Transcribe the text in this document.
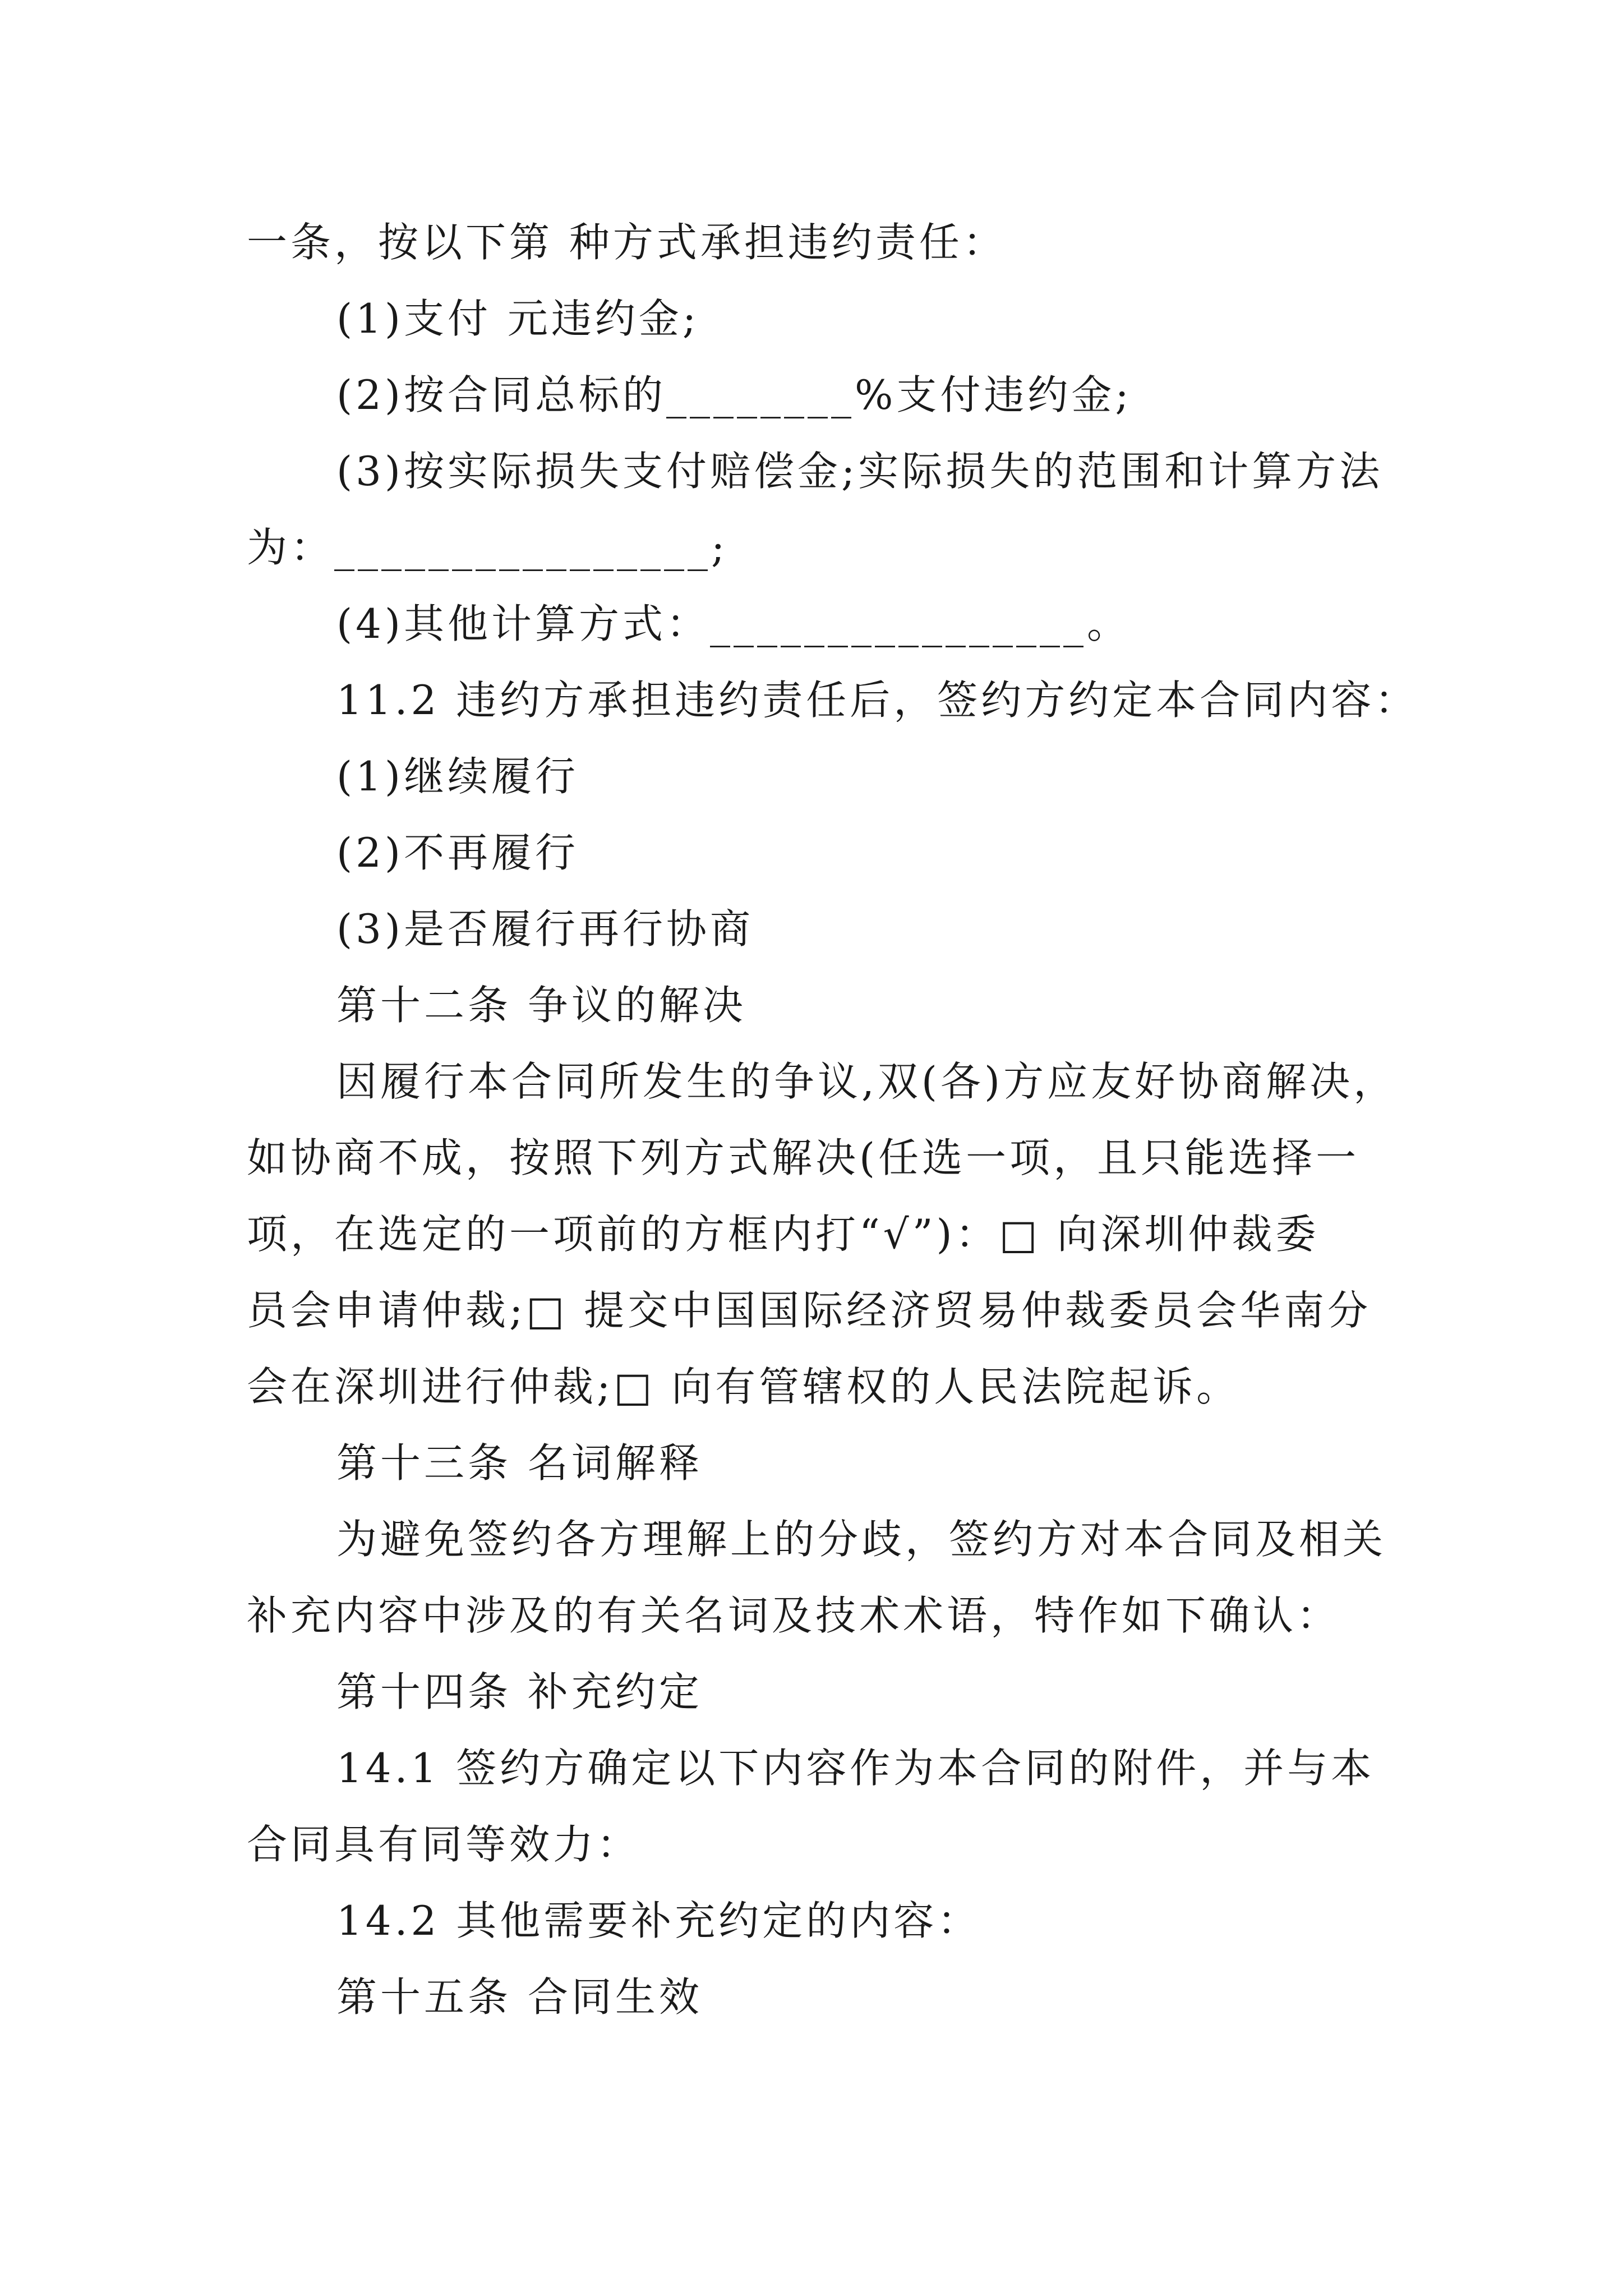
一条，按以下第 种方式承担违约责任：
(1)支付 元违约金;
(2)按合同总标的________%支付违约金;
(3)按实际损失支付赔偿金;实际损失的范围和计算方法
为：________________;
(4)其他计算方式：________________。
11.2 违约方承担违约责任后，签约方约定本合同内容：
(1)继续履行
(2)不再履行
(3)是否履行再行协商
第十二条 争议的解决
因履行本合同所发生的争议,双(各)方应友好协商解决，
如协商不成，按照下列方式解决(任选一项，且只能选择一
项，在选定的一项前的方框内打“√”)：□ 向深圳仲裁委
员会申请仲裁;□ 提交中国国际经济贸易仲裁委员会华南分
会在深圳进行仲裁;□ 向有管辖权的人民法院起诉。
第十三条 名词解释
为避免签约各方理解上的分歧，签约方对本合同及相关
补充内容中涉及的有关名词及技术术语，特作如下确认：
第十四条 补充约定
14.1 签约方确定以下内容作为本合同的附件，并与本
合同具有同等效力：
14.2 其他需要补充约定的内容：
第十五条 合同生效
